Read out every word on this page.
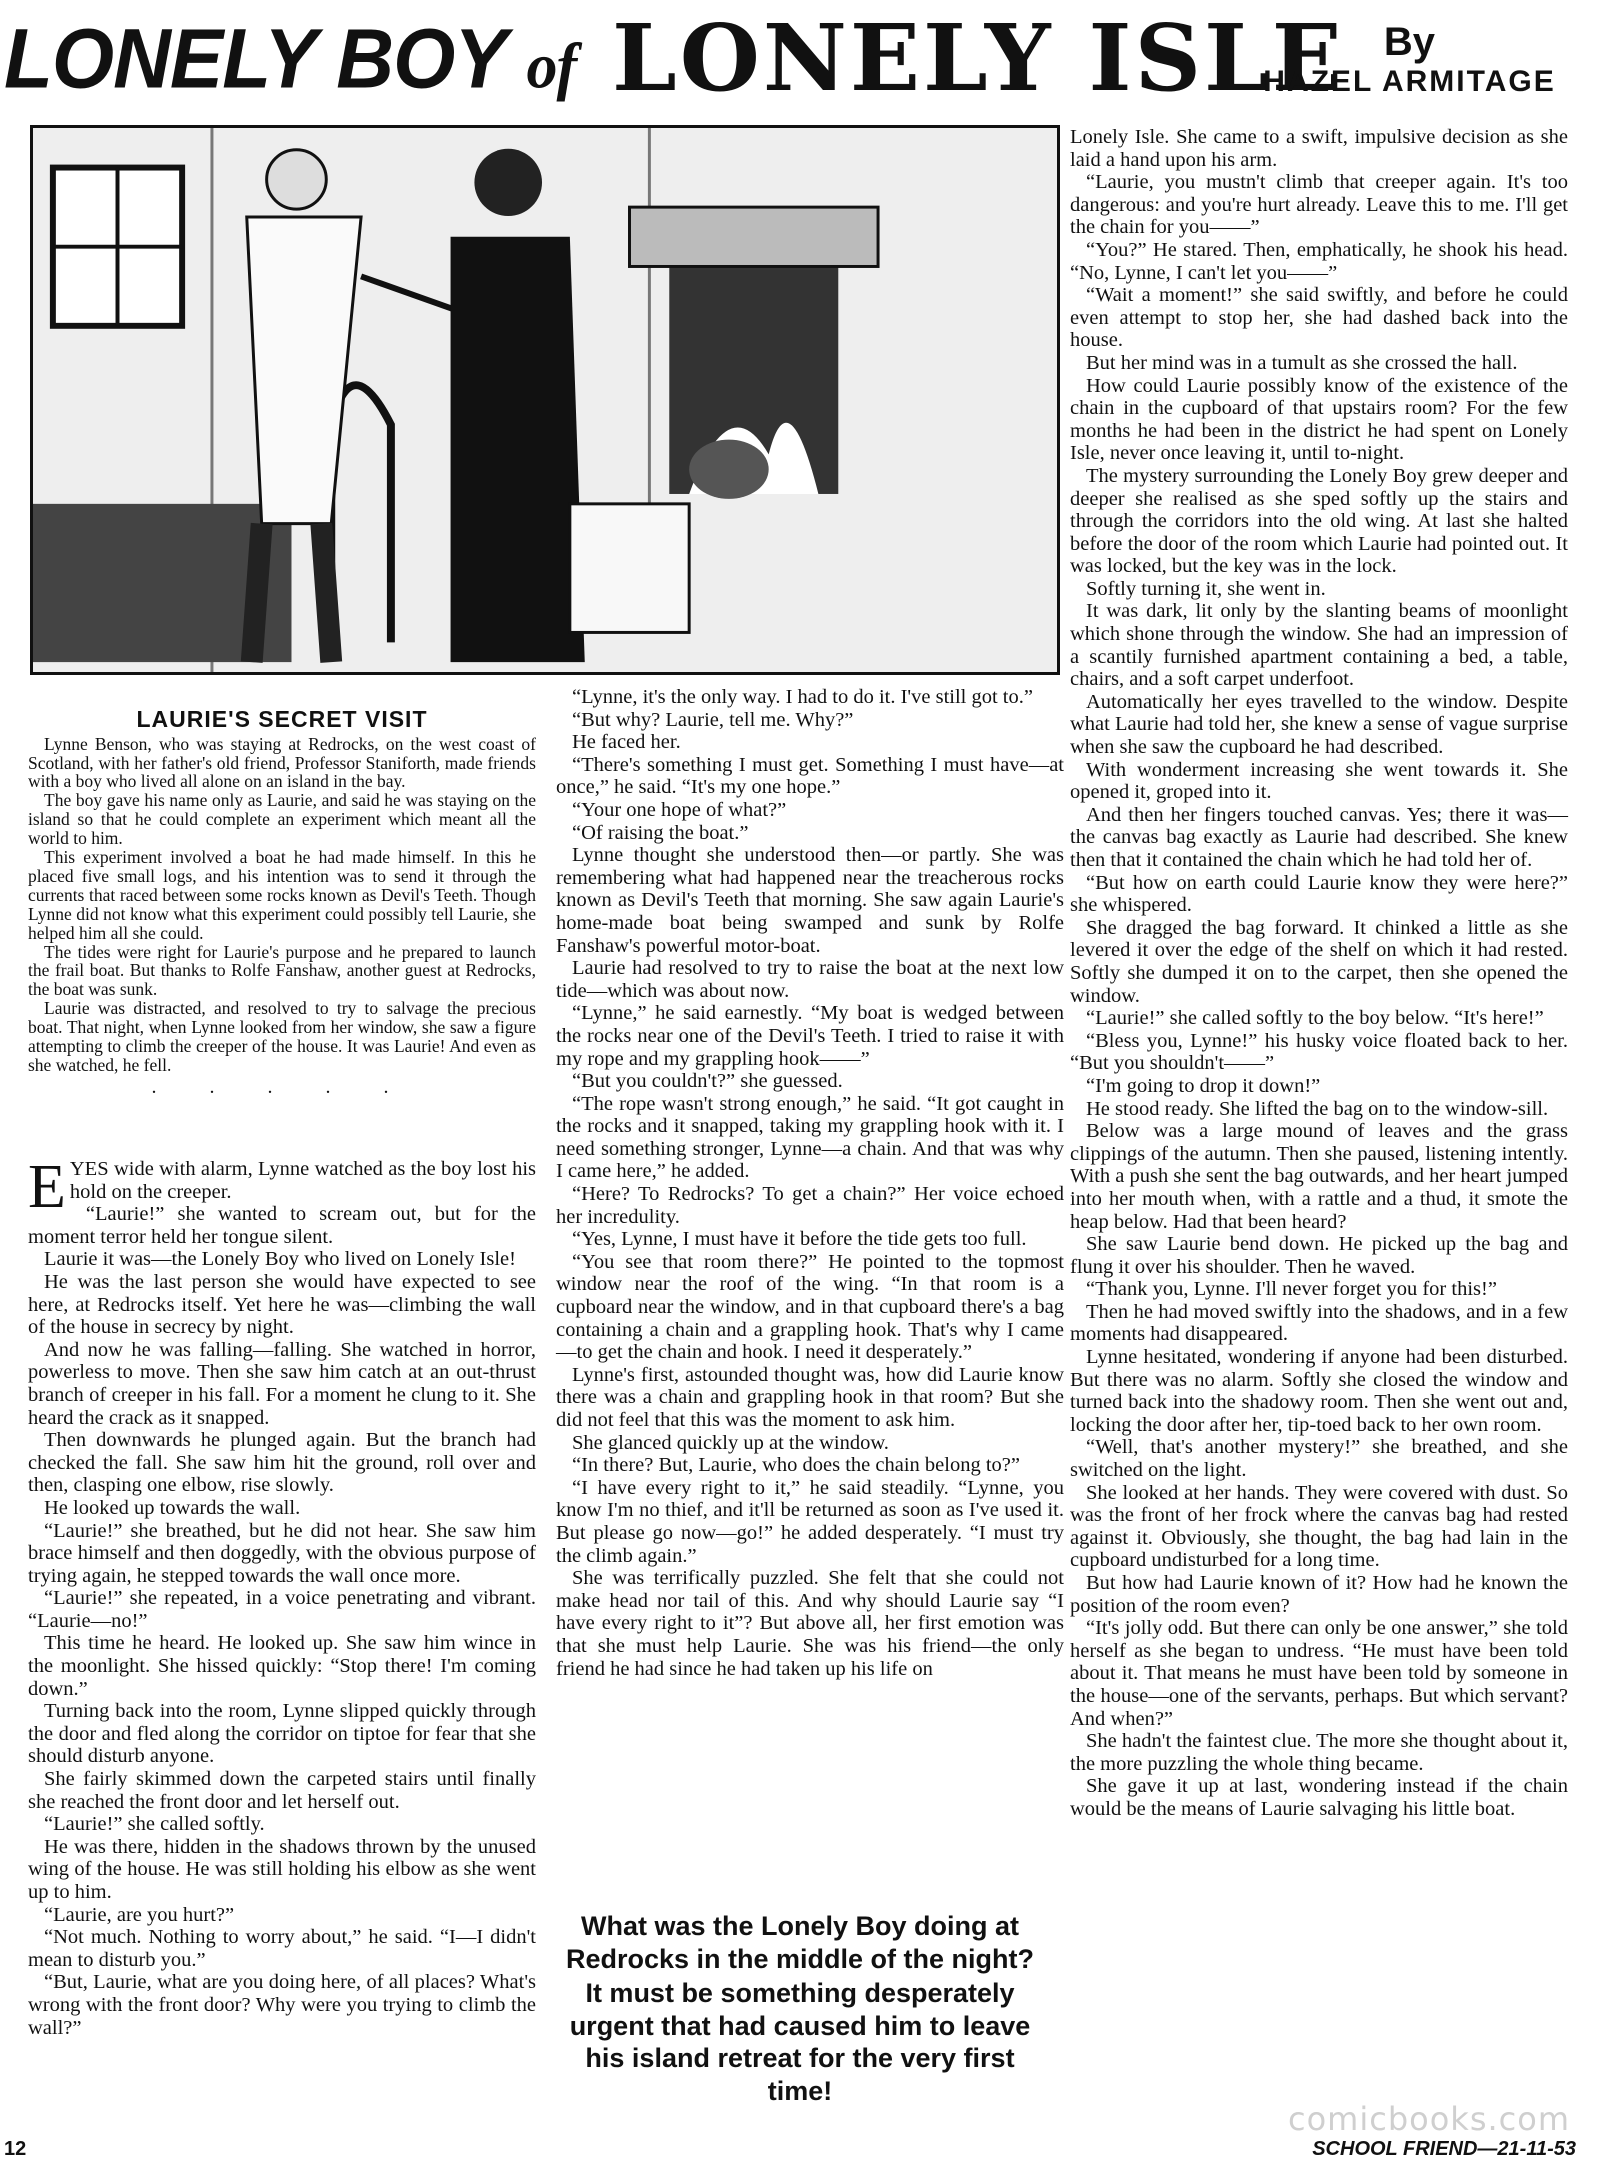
LONELY BOY of LONELY ISLE By
HAZEL ARMITAGE
LAURIE'S SECRET VISIT

Lynne Benson, who was staying at Redrocks, on the west coast of Scotland, with her father's old friend, Professor Staniforth, made friends with a boy who lived all alone on an island in the bay.

The boy gave his name only as Laurie, and said he was staying on the island so that he could complete an experiment which meant all the world to him.

This experiment involved a boat he had made himself. In this he placed five small logs, and his intention was to send it through the currents that raced between some rocks known as Devil's Teeth. Though Lynne did not know what this experiment could possibly tell Laurie, she helped him all she could.

The tides were right for Laurie's purpose and he prepared to launch the frail boat. But thanks to Rolfe Fanshaw, another guest at Redrocks, the boat was sunk.

Laurie was distracted, and resolved to try to salvage the precious boat. That night, when Lynne looked from her window, she saw a figure attempting to climb the creeper of the house. It was Laurie! And even as she watched, he fell.

. . . . .

EYES wide with alarm, Lynne watched as the boy lost his hold on the creeper.

“Laurie!” she wanted to scream out, but for the moment terror held her tongue silent.

Laurie it was—the Lonely Boy who lived on Lonely Isle!

He was the last person she would have expected to see here, at Redrocks itself. Yet here he was—climbing the wall of the house in secrecy by night.

And now he was falling—falling. She watched in horror, powerless to move. Then she saw him catch at an out-thrust branch of creeper in his fall. For a moment he clung to it. She heard the crack as it snapped.

Then downwards he plunged again. But the branch had checked the fall. She saw him hit the ground, roll over and then, clasping one elbow, rise slowly.

He looked up towards the wall.

“Laurie!” she breathed, but he did not hear. She saw him brace himself and then doggedly, with the obvious purpose of trying again, he stepped towards the wall once more.

“Laurie!” she repeated, in a voice penetrating and vibrant. “Laurie—no!”

This time he heard. He looked up. She saw him wince in the moonlight. She hissed quickly: “Stop there! I'm coming down.”

Turning back into the room, Lynne slipped quickly through the door and fled along the corridor on tiptoe for fear that she should disturb anyone.

She fairly skimmed down the carpeted stairs until finally she reached the front door and let herself out.

“Laurie!” she called softly.

He was there, hidden in the shadows thrown by the unused wing of the house. He was still holding his elbow as she went up to him.

“Laurie, are you hurt?”

“Not much. Nothing to worry about,” he said. “I—I didn't mean to disturb you.”

“But, Laurie, what are you doing here, of all places? What's wrong with the front door? Why were you trying to climb the wall?”

“Lynne, it's the only way. I had to do it. I've still got to.”

“But why? Laurie, tell me. Why?”

He faced her.

“There's something I must get. Something I must have—at once,” he said. “It's my one hope.”

“Your one hope of what?”

“Of raising the boat.”

Lynne thought she understood then—or partly. She was remembering what had happened near the treacherous rocks known as Devil's Teeth that morning. She saw again Laurie's home-made boat being swamped and sunk by Rolfe Fanshaw's powerful motor-boat.

Laurie had resolved to try to raise the boat at the next low tide—which was about now.

“Lynne,” he said earnestly. “My boat is wedged between the rocks near one of the Devil's Teeth. I tried to raise it with my rope and my grappling hook——”

“But you couldn't?” she guessed.

“The rope wasn't strong enough,” he said. “It got caught in the rocks and it snapped, taking my grappling hook with it. I need something stronger, Lynne—a chain. And that was why I came here,” he added.

“Here? To Redrocks? To get a chain?” Her voice echoed her incredulity.

“Yes, Lynne, I must have it before the tide gets too full.

“You see that room there?” He pointed to the topmost window near the roof of the wing. “In that room is a cupboard near the window, and in that cupboard there's a bag containing a chain and a grappling hook. That's why I came—to get the chain and hook. I need it desperately.”

Lynne's first, astounded thought was, how did Laurie know there was a chain and grappling hook in that room? But she did not feel that this was the moment to ask him.

She glanced quickly up at the window.

“In there? But, Laurie, who does the chain belong to?”

“I have every right to it,” he said steadily. “Lynne, you know I'm no thief, and it'll be returned as soon as I've used it. But please go now—go!” he added desperately. “I must try the climb again.”

She was terrifically puzzled. She felt that she could not make head nor tail of this. And why should Laurie say “I have every right to it”? But above all, her first emotion was that she must help Laurie. She was his friend—the only friend he had since he had taken up his life on

What was the Lonely Boy doing at Redrocks in the middle of the night?
It must be something desperately urgent that had caused him to leave his island retreat for the very first time!

Lonely Isle. She came to a swift, impulsive decision as she laid a hand upon his arm.

“Laurie, you mustn't climb that creeper again. It's too dangerous: and you're hurt already. Leave this to me. I'll get the chain for you——”

“You?” He stared. Then, emphatically, he shook his head. “No, Lynne, I can't let you——”

“Wait a moment!” she said swiftly, and before he could even attempt to stop her, she had dashed back into the house.

But her mind was in a tumult as she crossed the hall.

How could Laurie possibly know of the existence of the chain in the cupboard of that upstairs room? For the few months he had been in the district he had spent on Lonely Isle, never once leaving it, until to-night.

The mystery surrounding the Lonely Boy grew deeper and deeper she realised as she sped softly up the stairs and through the corridors into the old wing. At last she halted before the door of the room which Laurie had pointed out. It was locked, but the key was in the lock.

Softly turning it, she went in.

It was dark, lit only by the slanting beams of moonlight which shone through the window. She had an impression of a scantily furnished apartment containing a bed, a table, chairs, and a soft carpet underfoot.

Automatically her eyes travelled to the window. Despite what Laurie had told her, she knew a sense of vague surprise when she saw the cupboard he had described.

With wonderment increasing she went towards it. She opened it, groped into it.

And then her fingers touched canvas. Yes; there it was—the canvas bag exactly as Laurie had described. She knew then that it contained the chain which he had told her of.

“But how on earth could Laurie know they were here?” she whispered.

She dragged the bag forward. It chinked a little as she levered it over the edge of the shelf on which it had rested. Softly she dumped it on to the carpet, then she opened the window.

“Laurie!” she called softly to the boy below. “It's here!”

“Bless you, Lynne!” his husky voice floated back to her. “But you shouldn't——”

“I'm going to drop it down!”

He stood ready. She lifted the bag on to the window-sill.

Below was a large mound of leaves and the grass clippings of the autumn. Then she paused, listening intently. With a push she sent the bag outwards, and her heart jumped into her mouth when, with a rattle and a thud, it smote the heap below. Had that been heard?

She saw Laurie bend down. He picked up the bag and flung it over his shoulder. Then he waved.

“Thank you, Lynne. I'll never forget you for this!”

Then he had moved swiftly into the shadows, and in a few moments had disappeared.

Lynne hesitated, wondering if anyone had been disturbed. But there was no alarm. Softly she closed the window and turned back into the shadowy room. Then she went out and, locking the door after her, tip-toed back to her own room.

“Well, that's another mystery!” she breathed, and she switched on the light.

She looked at her hands. They were covered with dust. So was the front of her frock where the canvas bag had rested against it. Obviously, she thought, the bag had lain in the cupboard undisturbed for a long time.

But how had Laurie known of it? How had he known the position of the room even?

“It's jolly odd. But there can only be one answer,” she told herself as she began to undress. “He must have been told about it. That means he must have been told by someone in the house—one of the servants, perhaps. But which servant? And when?”

She hadn't the faintest clue. The more she thought about it, the more puzzling the whole thing became.

She gave it up at last, wondering instead if the chain would be the means of Laurie salvaging his little boat.

12
comicbooks.com
SCHOOL FRIEND—21-11-53
